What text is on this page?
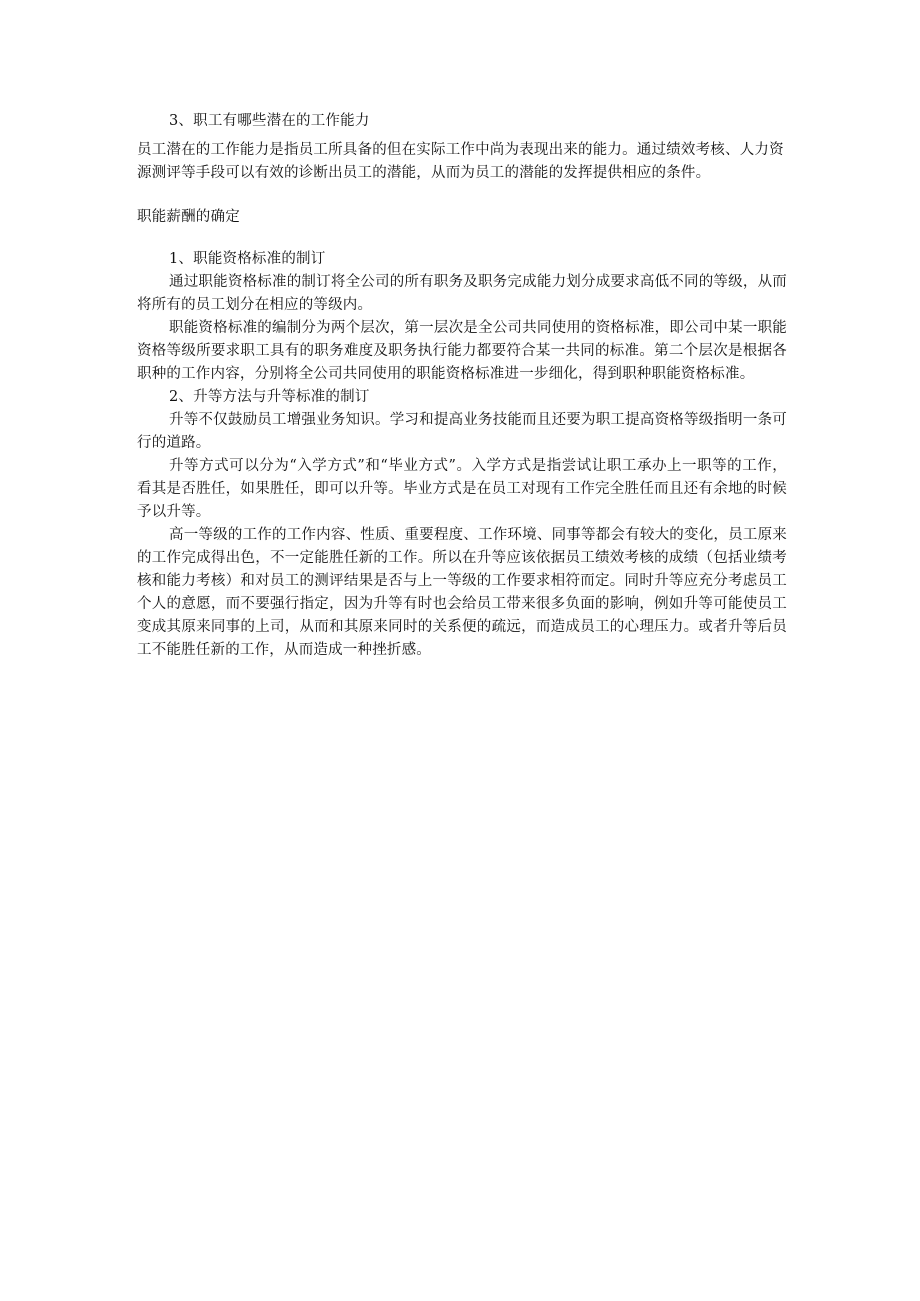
3、职工有哪些潜在的工作能力

员工潜在的工作能力是指员工所具备的但在实际工作中尚为表现出来的能力。通过绩效考核、人力资源测评等手段可以有效的诊断出员工的潜能，从而为员工的潜能的发挥提供相应的条件。

职能薪酬的确定

1、职能资格标准的制订

通过职能资格标准的制订将全公司的所有职务及职务完成能力划分成要求高低不同的等级，从而将所有的员工划分在相应的等级内。

职能资格标准的编制分为两个层次，第一层次是全公司共同使用的资格标准，即公司中某一职能资格等级所要求职工具有的职务难度及职务执行能力都要符合某一共同的标准。第二个层次是根据各职种的工作内容，分别将全公司共同使用的职能资格标准进一步细化，得到职种职能资格标准。

2、升等方法与升等标准的制订

升等不仅鼓励员工增强业务知识。学习和提高业务技能而且还要为职工提高资格等级指明一条可行的道路。

升等方式可以分为“入学方式”和“毕业方式”。入学方式是指尝试让职工承办上一职等的工作，看其是否胜任，如果胜任，即可以升等。毕业方式是在员工对现有工作完全胜任而且还有余地的时候予以升等。

高一等级的工作的工作内容、性质、重要程度、工作环境、同事等都会有较大的变化，员工原来的工作完成得出色，不一定能胜任新的工作。所以在升等应该依据员工绩效考核的成绩（包括业绩考核和能力考核）和对员工的测评结果是否与上一等级的工作要求相符而定。同时升等应充分考虑员工个人的意愿，而不要强行指定，因为升等有时也会给员工带来很多负面的影响，例如升等可能使员工变成其原来同事的上司，从而和其原来同时的关系便的疏远，而造成员工的心理压力。或者升等后员工不能胜任新的工作，从而造成一种挫折感。
